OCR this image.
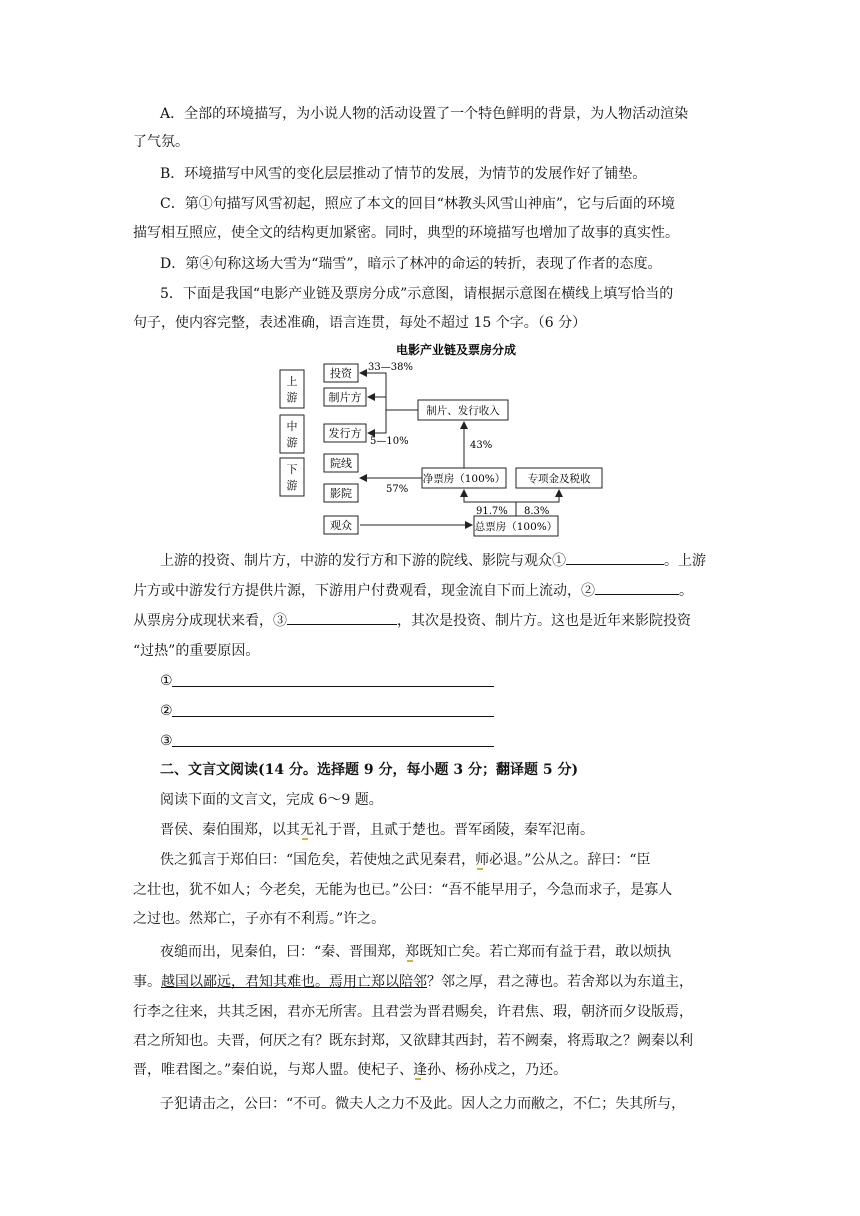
A．全部的环境描写，为小说人物的活动设置了一个特色鲜明的背景，为人物活动渲染
了气氛。
B．环境描写中风雪的变化层层推动了情节的发展，为情节的发展作好了铺垫。
C．第①句描写风雪初起，照应了本文的回目“林教头风雪山神庙”，它与后面的环境
描写相互照应，使全文的结构更加紧密。同时，典型的环境描写也增加了故事的真实性。
D．第④句称这场大雪为“瑞雪”，暗示了林冲的命运的转折，表现了作者的态度。
5．下面是我国“电影产业链及票房分成”示意图，请根据示意图在横线上填写恰当的
句子，使内容完整，表述准确，语言连贯，每处不超过 15 个字。（6 分）
电影产业链及票房分成
上
游
中
游
下
游
投资
制片方
发行方
院线
影院
观众
制片、发行收入
净票房（100%） 专项金及税收
总票房（100%）
33—38%
5—10%	43%
57%
91.7% 8.3%
上游的投资、制片方，中游的发行方和下游的院线、影院与观众①	。上游
片方或中游发行方提供片源，下游用户付费观看，现金流自下而上流动，②	。
从票房分成现状来看，③	，其次是投资、制片方。这也是近年来影院投资
“过热”的重要原因。
①
②
③
二、文言文阅读(14 分。选择题 9 分，每小题 3 分；翻译题 5 分)
阅读下面的文言文，完成 6～9 题。
晋侯、秦伯围郑，以其无礼于晋，且贰于楚也。晋军函陵，秦军氾南。
佚之狐言于郑伯曰：“国危矣，若使烛之武见秦君，师必退。”公从之。辞曰：“臣
之壮也，犹不如人；今老矣，无能为也已。”公曰：“吾不能早用子，今急而求子，是寡人
之过也。然郑亡，子亦有不利焉。”许之。
夜缒而出，见秦伯，曰：“秦、晋围郑，郑既知亡矣。若亡郑而有益于君，敢以烦执
事。越国以鄙远，君知其难也。焉用亡郑以陪邻？邻之厚，君之薄也。若舍郑以为东道主，
行李之往来，共其乏困，君亦无所害。且君尝为晋君赐矣，许君焦、瑕，朝济而夕设版焉，
君之所知也。夫晋，何厌之有？既东封郑，又欲肆其西封，若不阙秦，将焉取之？阙秦以利
晋，唯君图之。”秦伯说，与郑人盟。使杞子、逢孙、杨孙戍之，乃还。
子犯请击之，公曰：“不可。微夫人之力不及此。因人之力而敝之，不仁；失其所与，
